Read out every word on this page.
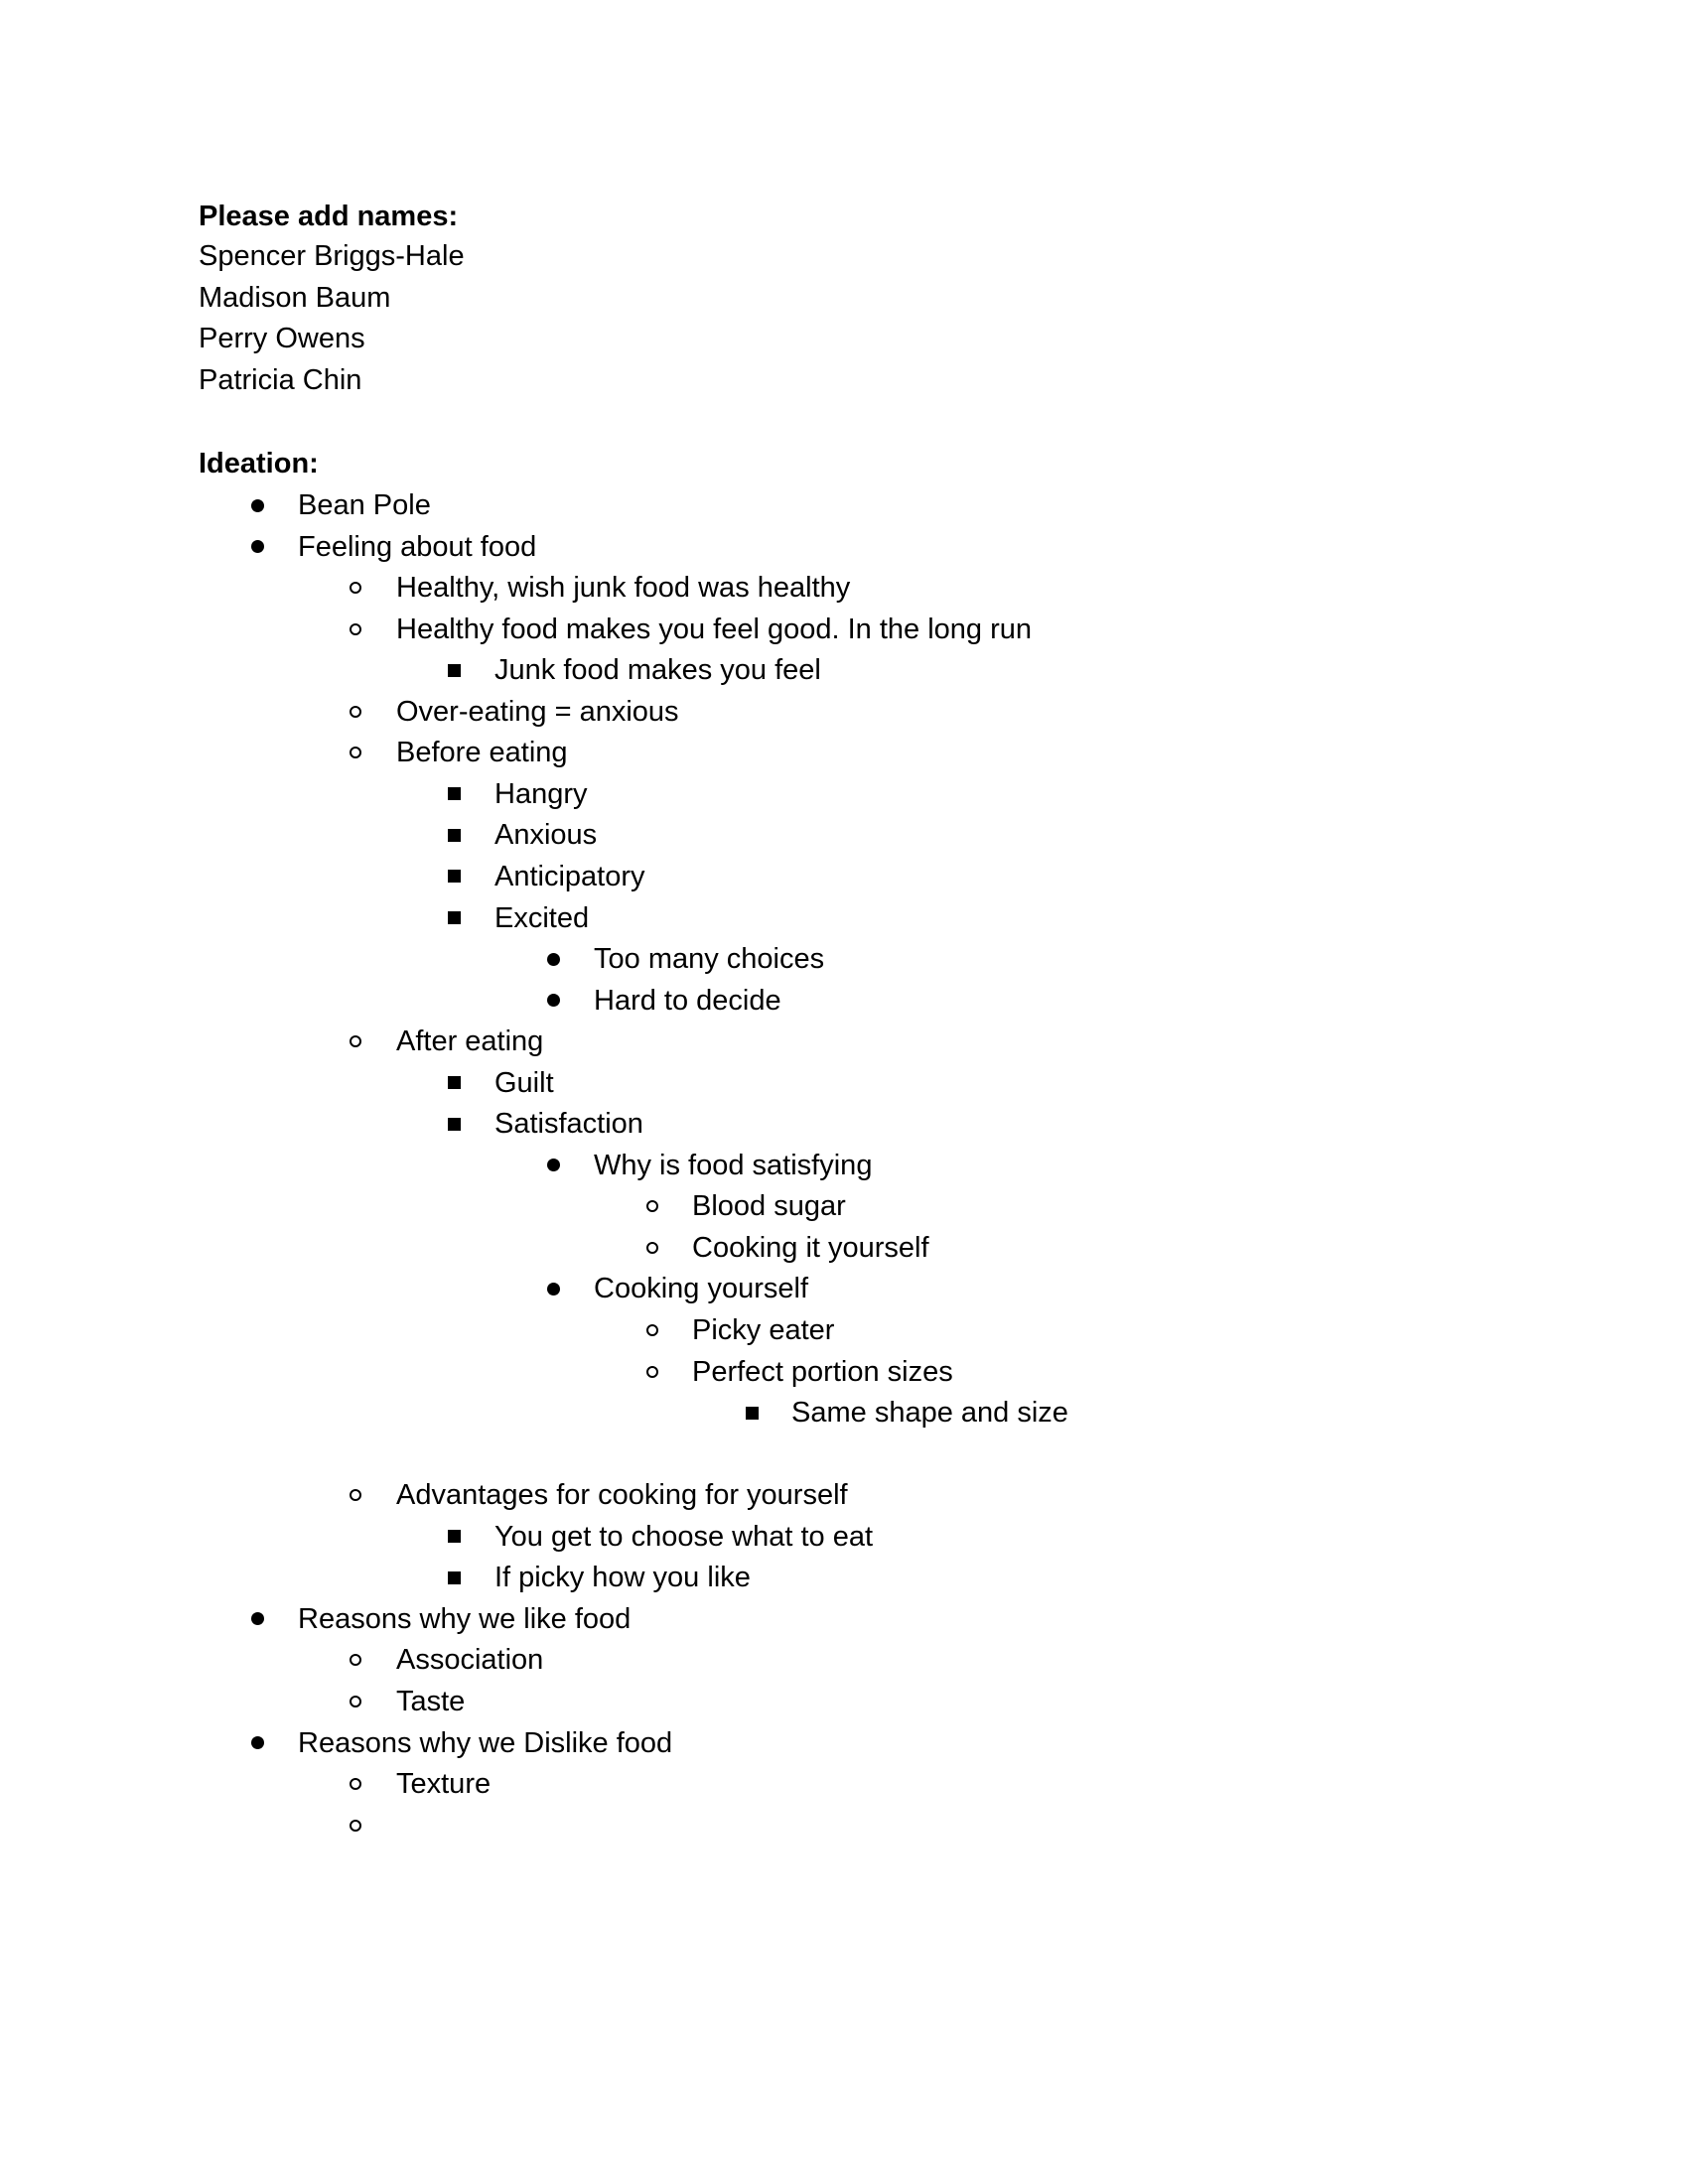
Please add names:
Spencer Briggs-Hale
Madison Baum
Perry Owens
Patricia Chin
Ideation:
Bean Pole
Feeling about food
Healthy, wish junk food was healthy
Healthy food makes you feel good. In the long run
Junk food makes you feel
Over-eating = anxious
Before eating
Hangry
Anxious
Anticipatory
Excited
Too many choices
Hard to decide
After eating
Guilt
Satisfaction
Why is food satisfying
Blood sugar
Cooking it yourself
Cooking yourself
Picky eater
Perfect portion sizes
Same shape and size
Advantages for cooking for yourself
You get to choose what to eat
If picky how you like
Reasons why we like food
Association
Taste
Reasons why we Dislike food
Texture
